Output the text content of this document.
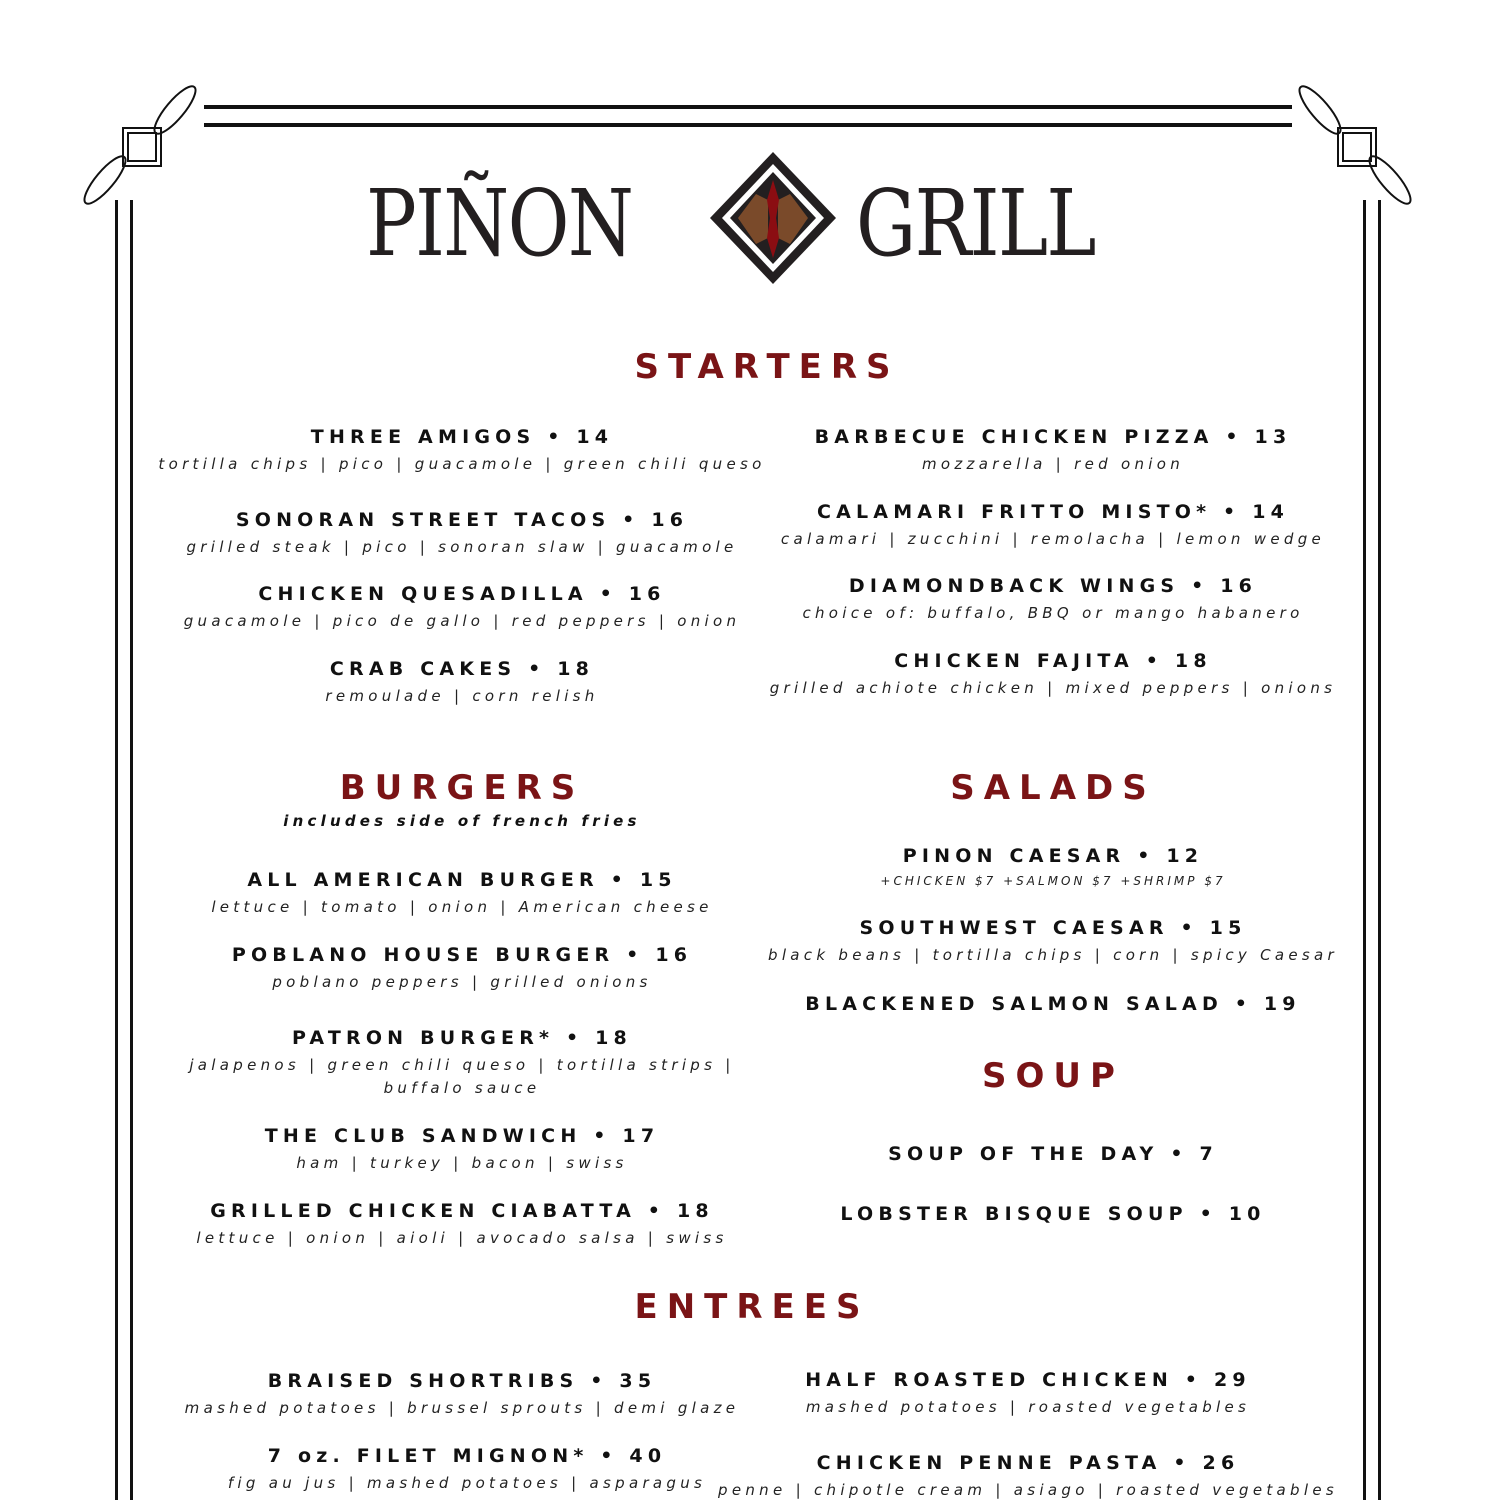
PIÑON GRILL
STARTERS
THREE AMIGOS • 14
tortilla chips | pico | guacamole | green chili queso
SONORAN STREET TACOS • 16
grilled steak | pico | sonoran slaw | guacamole
CHICKEN QUESADILLA • 16
guacamole | pico de gallo | red peppers | onion
CRAB CAKES • 18
remoulade | corn relish
BARBECUE CHICKEN PIZZA • 13
mozzarella | red onion
CALAMARI FRITTO MISTO* • 14
calamari | zucchini | remolacha | lemon wedge
DIAMONDBACK WINGS • 16
choice of: buffalo, BBQ or mango habanero
CHICKEN FAJITA • 18
grilled achiote chicken | mixed peppers | onions
BURGERS
includes side of french fries
ALL AMERICAN BURGER • 15
lettuce | tomato | onion | American cheese
POBLANO HOUSE BURGER • 16
poblano peppers | grilled onions
PATRON BURGER* • 18
jalapenos | green chili queso | tortilla strips |
buffalo sauce
THE CLUB SANDWICH • 17
ham | turkey | bacon | swiss
GRILLED CHICKEN CIABATTA • 18
lettuce | onion | aioli | avocado salsa | swiss
SALADS
PINON CAESAR • 12
+CHICKEN $7 +SALMON $7 +SHRIMP $7
SOUTHWEST CAESAR • 15
black beans | tortilla chips | corn | spicy Caesar
BLACKENED SALMON SALAD • 19
SOUP
SOUP OF THE DAY • 7
LOBSTER BISQUE SOUP • 10
ENTREES
BRAISED SHORTRIBS • 35
mashed potatoes | brussel sprouts | demi glaze
7 oz. FILET MIGNON* • 40
fig au jus | mashed potatoes | asparagus
HALF ROASTED CHICKEN • 29
mashed potatoes | roasted vegetables
CHICKEN PENNE PASTA • 26
penne | chipotle cream | asiago | roasted vegetables
